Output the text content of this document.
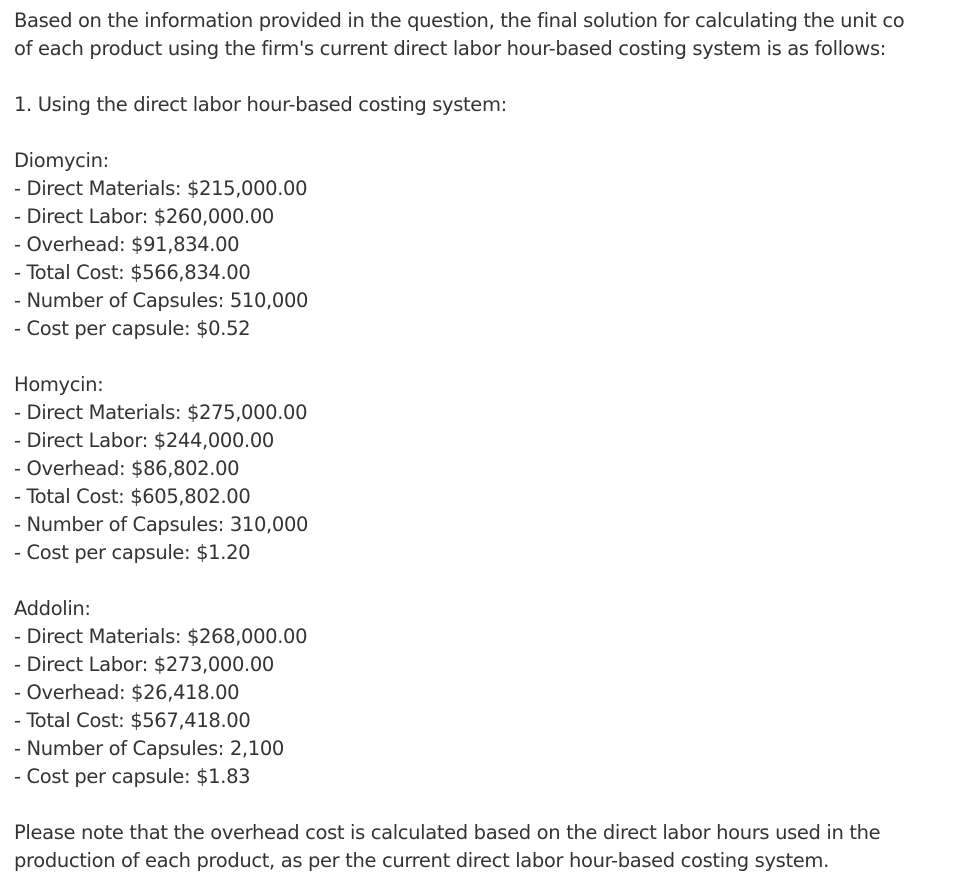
Based on the information provided in the question, the final solution for calculating the unit co
of each product using the firm's current direct labor hour-based costing system is as follows:
1. Using the direct labor hour-based costing system:
Diomycin:
- Direct Materials: $215,000.00
- Direct Labor: $260,000.00
- Overhead: $91,834.00
- Total Cost: $566,834.00
- Number of Capsules: 510,000
- Cost per capsule: $0.52
Homycin:
- Direct Materials: $275,000.00
- Direct Labor: $244,000.00
- Overhead: $86,802.00
- Total Cost: $605,802.00
- Number of Capsules: 310,000
- Cost per capsule: $1.20
Addolin:
- Direct Materials: $268,000.00
- Direct Labor: $273,000.00
- Overhead: $26,418.00
- Total Cost: $567,418.00
- Number of Capsules: 2,100
- Cost per capsule: $1.83
Please note that the overhead cost is calculated based on the direct labor hours used in the
production of each product, as per the current direct labor hour-based costing system.
